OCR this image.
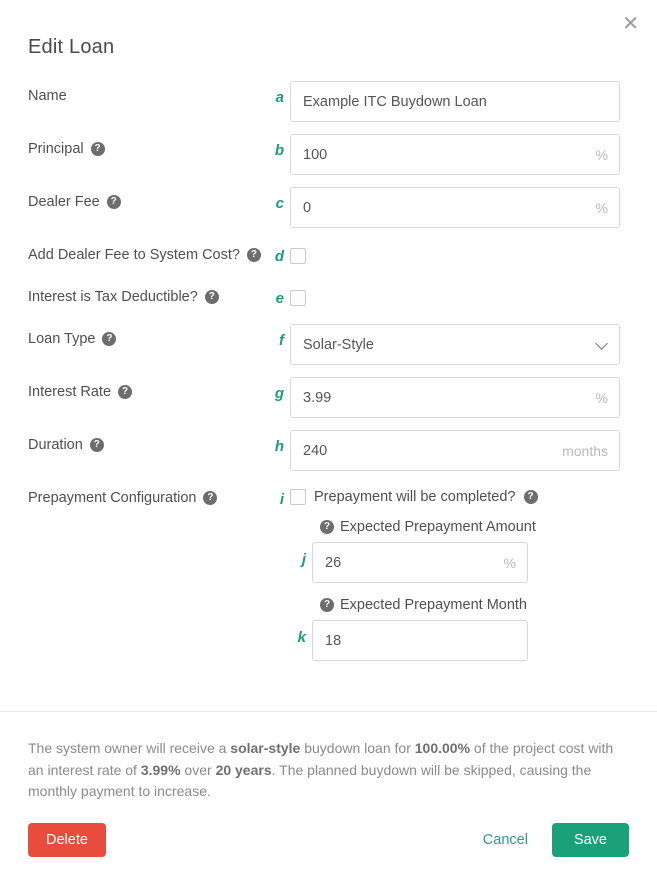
✕
Edit Loan
Name	a
Example ITC Buydown Loan
Principal	?	b
100	%
Dealer Fee	?	c
0	%
Add Dealer Fee to System Cost?	?	d
Interest is Tax Deductible?	?	e
Loan Type	?	f
Solar-Style
Interest Rate	?	g
3.99	%
Duration	?	h
240	months
Prepayment Configuration	?	i	Prepayment will be completed?	?
? Expected Prepayment Amount
j
26	%
? Expected Prepayment Month
k
18
The system owner will receive a solar-style buydown loan for 100.00% of the project cost with an interest rate of 3.99% over 20 years. The planned buydown will be skipped, causing the monthly payment to increase.
Delete	Cancel	Save
